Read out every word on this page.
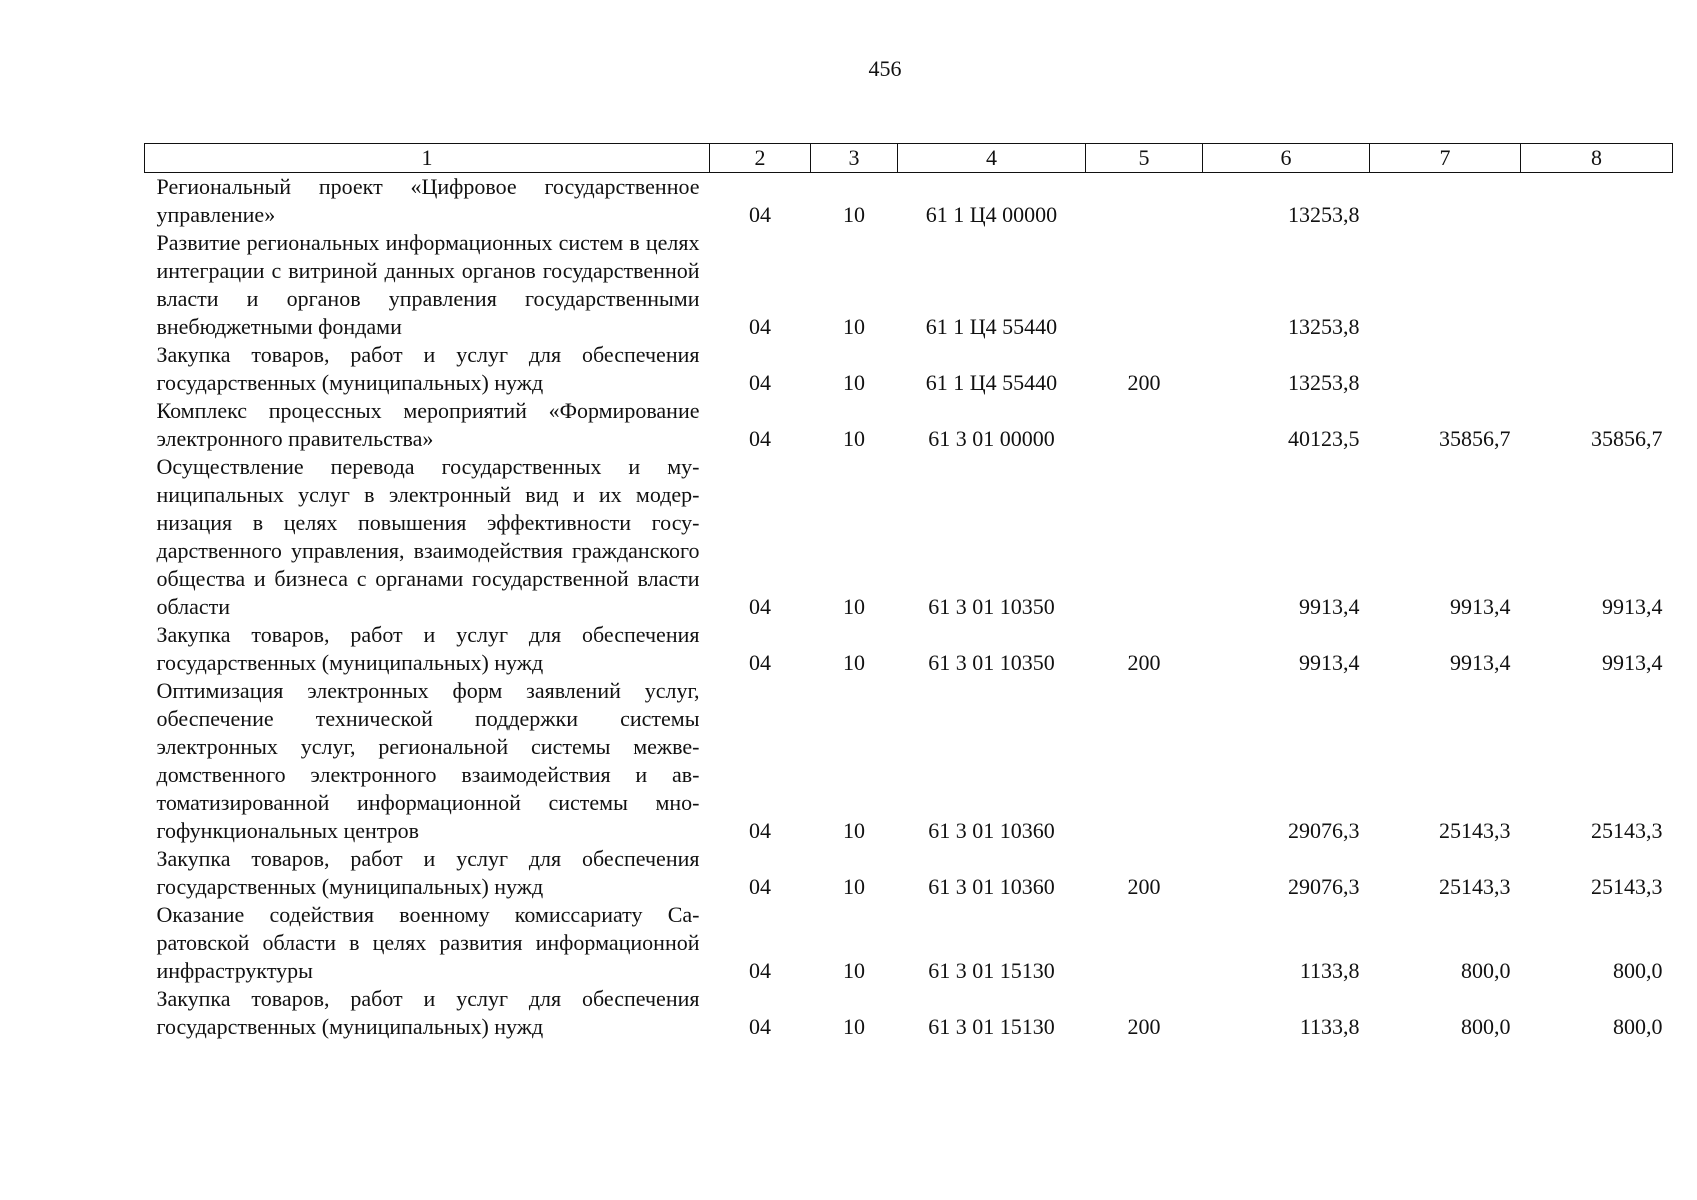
456
1	2	3	4	5	6	7	8
Региональный проект «Цифровое государственное управление»	04	10	61 1 Ц4 00000		13253,8		
Развитие региональных информационных систем в целях интеграции с витриной данных органов государственной власти и органов управления государственными внебюджетными фондами	04	10	61 1 Ц4 55440		13253,8		
Закупка товаров, работ и услуг для обеспечения государственных (муниципальных) нужд	04	10	61 1 Ц4 55440	200	13253,8		
Комплекс процессных мероприятий «Формирование электронного правительства»	04	10	61 3 01 00000		40123,5	35856,7	35856,7
Осуществление перевода государственных и муниципальных услуг в электронный вид и их модернизация в целях повышения эффективности государственного управления, взаимодействия гражданского общества и бизнеса с органами государственной власти области	04	10	61 3 01 10350		9913,4	9913,4	9913,4
Закупка товаров, работ и услуг для обеспечения государственных (муниципальных) нужд	04	10	61 3 01 10350	200	9913,4	9913,4	9913,4
Оптимизация электронных форм заявлений услуг, обеспечение технической поддержки системы электронных услуг, региональной системы межведомственного электронного взаимодействия и автоматизированной информационной системы многофункциональных центров	04	10	61 3 01 10360		29076,3	25143,3	25143,3
Закупка товаров, работ и услуг для обеспечения государственных (муниципальных) нужд	04	10	61 3 01 10360	200	29076,3	25143,3	25143,3
Оказание содействия военному комиссариату Саратовской области в целях развития информационной инфраструктуры	04	10	61 3 01 15130		1133,8	800,0	800,0
Закупка товаров, работ и услуг для обеспечения государственных (муниципальных) нужд	04	10	61 3 01 15130	200	1133,8	800,0	800,0
